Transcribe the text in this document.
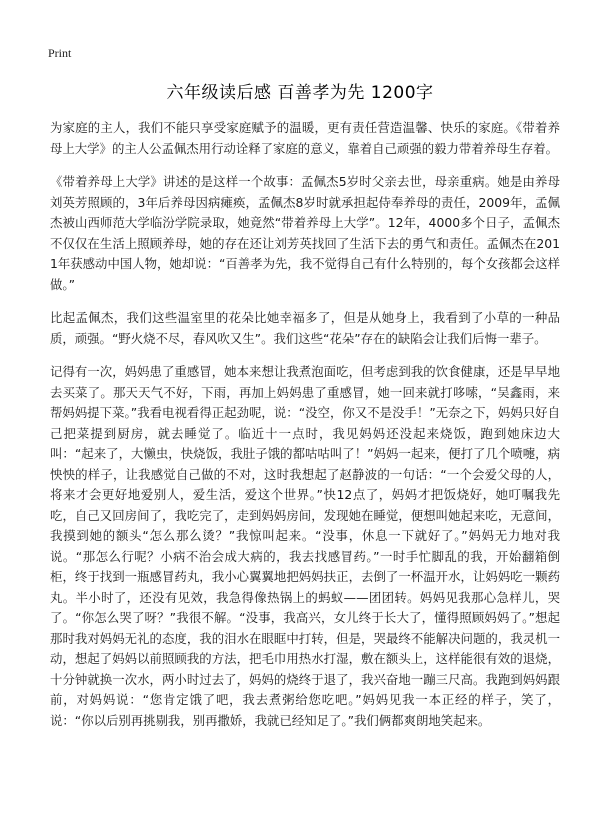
Print
六年级读后感 百善孝为先 1200字

为家庭的主人，我们不能只享受家庭赋予的温暖，更有责任营造温馨、快乐的家庭。《带着养母上大学》的主人公孟佩杰用行动诠释了家庭的意义，靠着自己顽强的毅力带着养母生存着。

《带着养母上大学》讲述的是这样一个故事：孟佩杰5岁时父亲去世，母亲重病。她是由养母刘英芳照顾的，3年后养母因病瘫痪，孟佩杰8岁时就承担起侍奉养母的责任，2009年，孟佩杰被山西师范大学临汾学院录取，她竟然“带着养母上大学”。12年，4000多个日子，孟佩杰不仅仅在生活上照顾养母，她的存在还让刘芳英找回了生活下去的勇气和责任。孟佩杰在2011年获感动中国人物，她却说：“百善孝为先，我不觉得自己有什么特别的，每个女孩都会这样做。”

比起孟佩杰，我们这些温室里的花朵比她幸福多了，但是从她身上，我看到了小草的一种品质，顽强。“野火烧不尽，春风吹又生”。我们这些“花朵”存在的缺陷会让我们后悔一辈子。

记得有一次，妈妈患了重感冒，她本来想让我煮泡面吃，但考虑到我的饮食健康，还是早早地去买菜了。那天天气不好，下雨，再加上妈妈患了重感冒，她一回来就打哆嗦，“吴鑫雨，来帮妈妈提下菜。”我看电视看得正起劲呢，说：“没空，你又不是没手！”无奈之下，妈妈只好自己把菜提到厨房，就去睡觉了。临近十一点时，我见妈妈还没起来烧饭，跑到她床边大叫：“起来了，大懒虫，快烧饭，我肚子饿的都咕咕叫了！”妈妈一起来，便打了几个喷嚏，病怏怏的样子，让我感觉自己做的不对，这时我想起了赵静波的一句话：“一个会爱父母的人，将来才会更好地爱别人，爱生活，爱这个世界。”快12点了，妈妈才把饭烧好，她叮嘱我先吃，自己又回房间了，我吃完了，走到妈妈房间，发现她在睡觉，便想叫她起来吃，无意间，我摸到她的额头“怎么那么烫？”我惊叫起来。“没事，休息一下就好了。”妈妈无力地对我说。“那怎么行呢？小病不治会成大病的，我去找感冒药。”一时手忙脚乱的我，开始翻箱倒柜，终于找到一瓶感冒药丸，我小心翼翼地把妈妈扶正，去倒了一杯温开水，让妈妈吃一颗药丸。半小时了，还没有见效，我急得像热锅上的蚂蚁——团团转。妈妈见我那心急样儿，哭了。“你怎么哭了呀？”我很不解。“没事，我高兴，女儿终于长大了，懂得照顾妈妈了。”想起那时我对妈妈无礼的态度，我的泪水在眼眶中打转，但是，哭最终不能解决问题的，我灵机一动，想起了妈妈以前照顾我的方法，把毛巾用热水打湿，敷在额头上，这样能很有效的退烧，十分钟就换一次水，两小时过去了，妈妈的烧终于退了，我兴奋地一蹦三尺高。我跑到妈妈跟前，对妈妈说：“您肯定饿了吧，我去煮粥给您吃吧。”妈妈见我一本正经的样子，笑了，说：“你以后别再挑剔我，别再撒娇，我就已经知足了。”我们俩都爽朗地笑起来。
